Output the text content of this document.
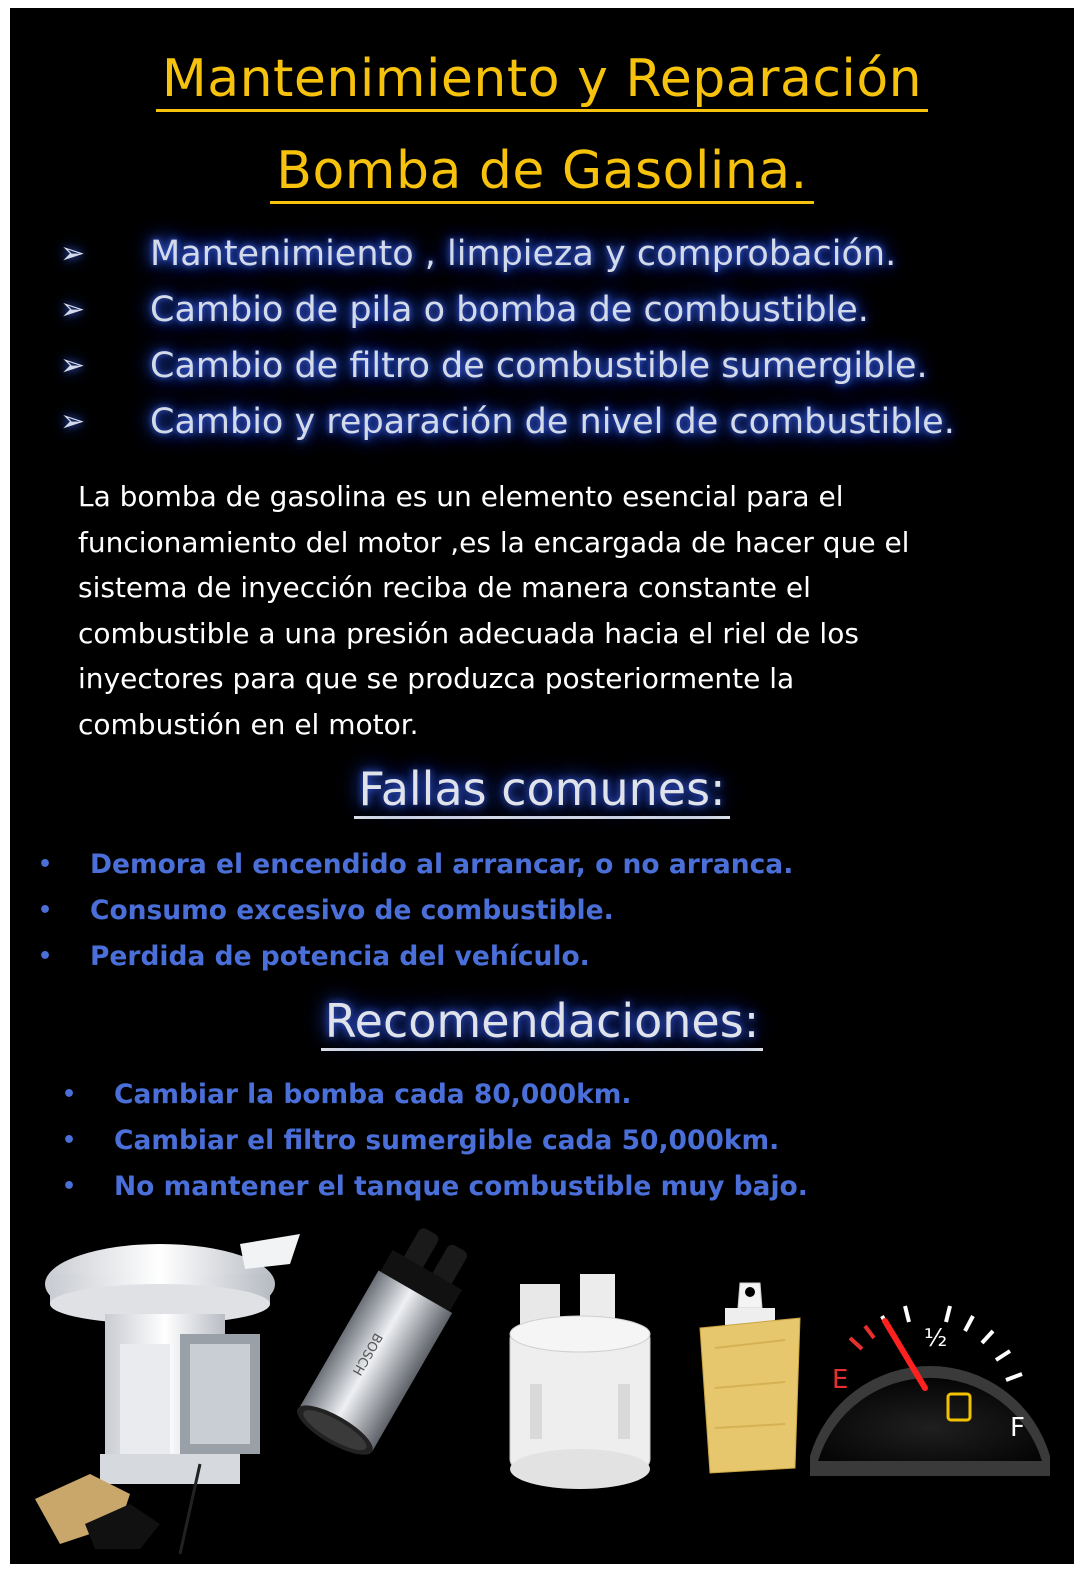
Mantenimiento y Reparación
Bomba de Gasolina.
➢	Mantenimiento , limpieza y comprobación.
➢	Cambio de pila o bomba de combustible.
➢	Cambio de filtro de combustible sumergible.
➢	Cambio y reparación de nivel de combustible.
La bomba de gasolina es un elemento esencial para el
funcionamiento del motor ,es la encargada de hacer que el
sistema de inyección reciba de manera constante el
combustible a una presión adecuada hacia el riel de los
inyectores para que se produzca posteriormente la
combustión en el motor.
Fallas comunes:
• Demora el encendido al arrancar, o no arranca.
• Consumo excesivo de combustible.
• Perdida de potencia del vehículo.
Recomendaciones:
• Cambiar la bomba cada 80,000km.
• Cambiar el filtro sumergible cada 50,000km.
• No mantener el tanque combustible muy bajo.
BOSCH
E
½
F
